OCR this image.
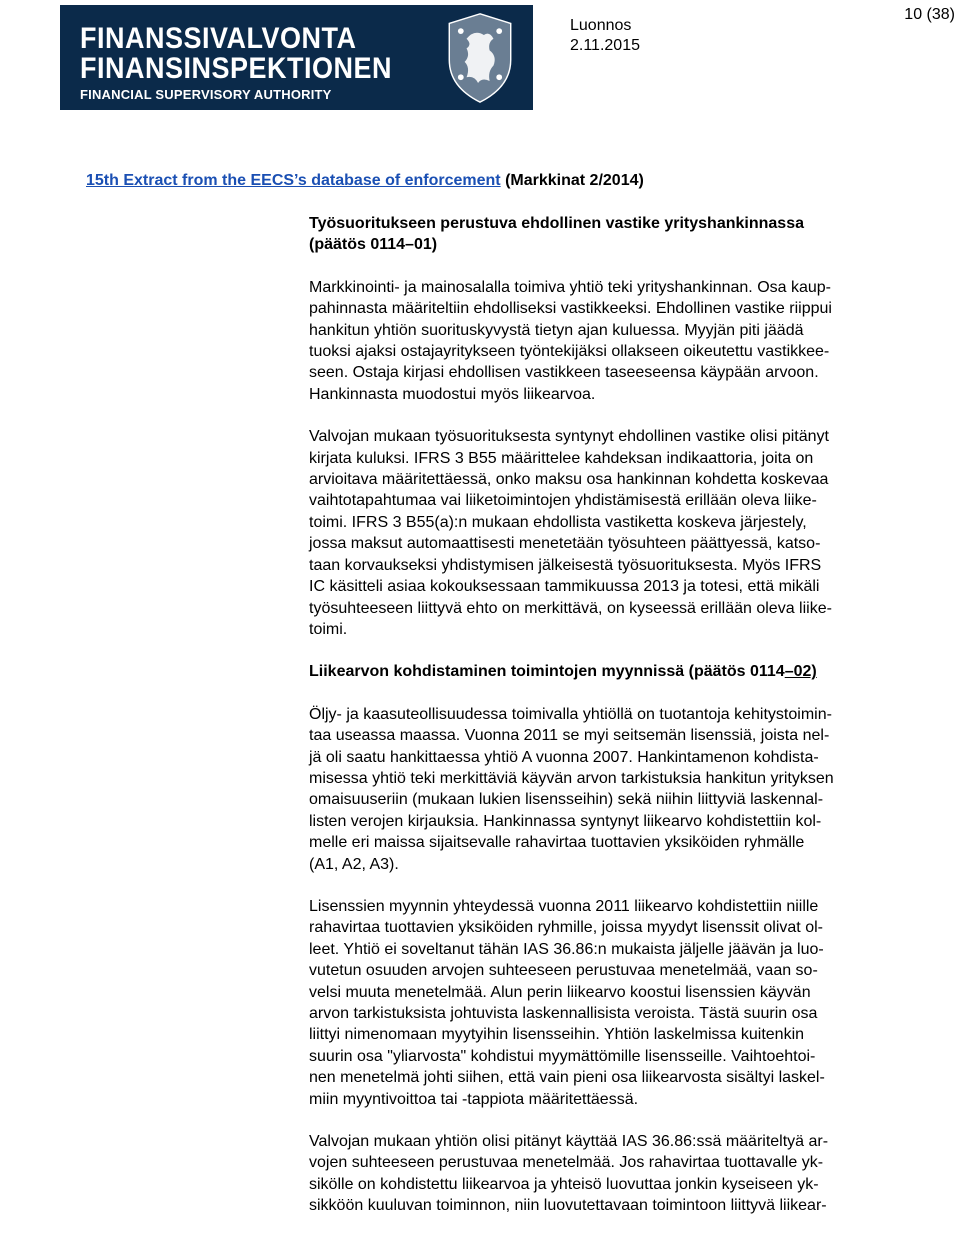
FINANSSIVALVONTA
FINANSINSPEKTIONEN
FINANCIAL SUPERVISORY AUTHORITY
Luonnos
2.11.2015
10 (38)
15th Extract from the EECS’s database of enforcement (Markkinat 2/2014)

Työsuoritukseen perustuva ehdollinen vastike yrityshankinnassa
(päätös 0114–01)

Markkinointi- ja mainosalalla toimiva yhtiö teki yrityshankinnan. Osa kaup-
pahinnasta määriteltiin ehdolliseksi vastikkeeksi. Ehdollinen vastike riippui
hankitun yhtiön suorituskyvystä tietyn ajan kuluessa. Myyjän piti jäädä
tuoksi ajaksi ostajayritykseen työntekijäksi ollakseen oikeutettu vastikkee-
seen. Ostaja kirjasi ehdollisen vastikkeen taseeseensa käypään arvoon.
Hankinnasta muodostui myös liikearvoa.

Valvojan mukaan työsuorituksesta syntynyt ehdollinen vastike olisi pitänyt
kirjata kuluksi. IFRS 3 B55 määrittelee kahdeksan indikaattoria, joita on
arvioitava määritettäessä, onko maksu osa hankinnan kohdetta koskevaa
vaihtotapahtumaa vai liiketoimintojen yhdistämisestä erillään oleva liike-
toimi. IFRS 3 B55(a):n mukaan ehdollista vastiketta koskeva järjestely,
jossa maksut automaattisesti menetetään työsuhteen päättyessä, katso-
taan korvaukseksi yhdistymisen jälkeisestä työsuorituksesta. Myös IFRS
IC käsitteli asiaa kokouksessaan tammikuussa 2013 ja totesi, että mikäli
työsuhteeseen liittyvä ehto on merkittävä, on kyseessä erillään oleva liike-
toimi.

Liikearvon kohdistaminen toimintojen myynnissä (päätös 0114–02)

Öljy- ja kaasuteollisuudessa toimivalla yhtiöllä on tuotantoja kehitystoimin-
taa useassa maassa. Vuonna 2011 se myi seitsemän lisenssiä, joista nel-
jä oli saatu hankittaessa yhtiö A vuonna 2007. Hankintamenon kohdista-
misessa yhtiö teki merkittäviä käyvän arvon tarkistuksia hankitun yrityksen
omaisuuseriin (mukaan lukien lisensseihin) sekä niihin liittyviä laskennal-
listen verojen kirjauksia. Hankinnassa syntynyt liikearvo kohdistettiin kol-
melle eri maissa sijaitsevalle rahavirtaa tuottavien yksiköiden ryhmälle
(A1, A2, A3).

Lisenssien myynnin yhteydessä vuonna 2011 liikearvo kohdistettiin niille
rahavirtaa tuottavien yksiköiden ryhmille, joissa myydyt lisenssit olivat ol-
leet. Yhtiö ei soveltanut tähän IAS 36.86:n mukaista jäljelle jäävän ja luo-
vutetun osuuden arvojen suhteeseen perustuvaa menetelmää, vaan so-
velsi muuta menetelmää. Alun perin liikearvo koostui lisenssien käyvän
arvon tarkistuksista johtuvista laskennallisista veroista. Tästä suurin osa
liittyi nimenomaan myytyihin lisensseihin. Yhtiön laskelmissa kuitenkin
suurin osa "yliarvosta" kohdistui myymättömille lisensseille. Vaihtoehtoi-
nen menetelmä johti siihen, että vain pieni osa liikearvosta sisältyi laskel-
miin myyntivoittoa tai -tappiota määritettäessä.

Valvojan mukaan yhtiön olisi pitänyt käyttää IAS 36.86:ssä määriteltyä ar-
vojen suhteeseen perustuvaa menetelmää. Jos rahavirtaa tuottavalle yk-
sikölle on kohdistettu liikearvoa ja yhteisö luovuttaa jonkin kyseiseen yk-
sikköön kuuluvan toiminnon, niin luovutettavaan toimintoon liittyvä liikear-
